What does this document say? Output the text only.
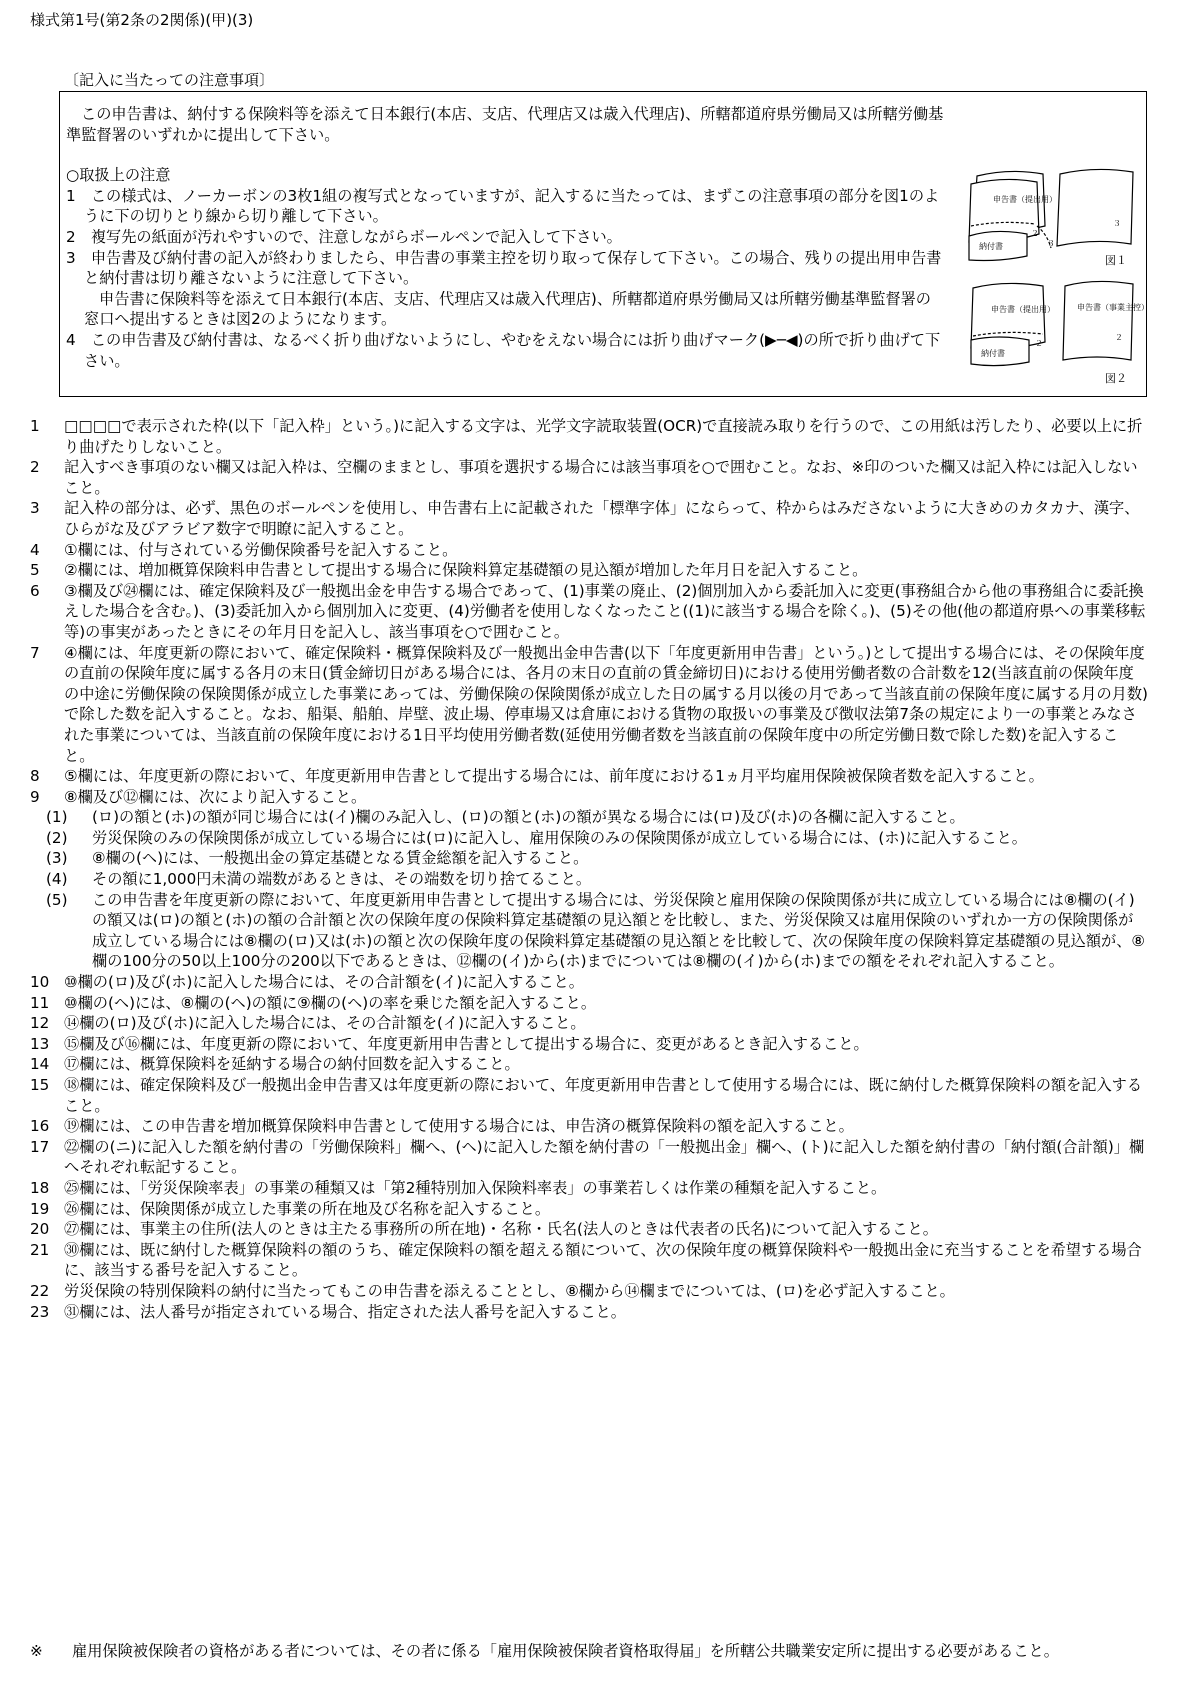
様式第1号(第2条の2関係)(甲)(3)
〔記入に当たっての注意事項〕

この申告書は、納付する保険料等を添えて日本銀行(本店、支店、代理店又は歳入代理店)、所轄都道府県労働局又は所轄労働基準監督署のいずれかに提出して下さい。

○取扱上の注意

1　 この様式は、ノーカーボンの3枚1組の複写式となっていますが、記入するに当たっては、まずこの注意事項の部分を図1のように下の切りとり線から切り離して下さい。

2　 複写先の紙面が汚れやすいので、注意しながらボールペンで記入して下さい。

3　 申告書及び納付書の記入が終わりましたら、申告書の事業主控を切り取って保存して下さい。この場合、残りの提出用申告書と納付書は切り離さないように注意して下さい。

申告書に保険料等を添えて日本銀行(本店、支店、代理店又は歳入代理店)、所轄都道府県労働局又は所轄労働基準監督署の窓口へ提出するときは図2のようになります。

4　 この申告書及び納付書は、なるべく折り曲げないようにし、やむをえない場合には折り曲げマーク(▶─◀)の所で折り曲げて下さい。

申告書（提出用）
納付書
２
３
３
図１
申告書（提出用）	申告書（事業主控）
納付書
２
２
図２
1	□□□□で表示された枠(以下「記入枠」という。)に記入する文字は、光学文字読取装置(OCR)で直接読み取りを行うので、この用紙は汚したり、必要以上に折り曲げたりしないこと。
2	記入すべき事項のない欄又は記入枠は、空欄のままとし、事項を選択する場合には該当事項を○で囲むこと。なお、※印のついた欄又は記入枠には記入しないこと。
3	記入枠の部分は、必ず、黒色のボールペンを使用し、申告書右上に記載された「標準字体」にならって、枠からはみださないように大きめのカタカナ、漢字、ひらがな及びアラビア数字で明瞭に記入すること。
4	①欄には、付与されている労働保険番号を記入すること。
5	②欄には、増加概算保険料申告書として提出する場合に保険料算定基礎額の見込額が増加した年月日を記入すること。
6	③欄及び㉔欄には、確定保険料及び一般拠出金を申告する場合であって、(1)事業の廃止、(2)個別加入から委託加入に変更(事務組合から他の事務組合に委託換えした場合を含む。)、(3)委託加入から個別加入に変更、(4)労働者を使用しなくなったこと((1)に該当する場合を除く。)、(5)その他(他の都道府県への事業移転等)の事実があったときにその年月日を記入し、該当事項を○で囲むこと。
7	④欄には、年度更新の際において、確定保険料・概算保険料及び一般拠出金申告書(以下「年度更新用申告書」という。)として提出する場合には、その保険年度の直前の保険年度に属する各月の末日(賃金締切日がある場合には、各月の末日の直前の賃金締切日)における使用労働者数の合計数を12(当該直前の保険年度の中途に労働保険の保険関係が成立した事業にあっては、労働保険の保険関係が成立した日の属する月以後の月であって当該直前の保険年度に属する月の月数)で除した数を記入すること。なお、船渠、船舶、岸壁、波止場、停車場又は倉庫における貨物の取扱いの事業及び徴収法第7条の規定により一の事業とみなされた事業については、当該直前の保険年度における1日平均使用労働者数(延使用労働者数を当該直前の保険年度中の所定労働日数で除した数)を記入すること。
8	⑤欄には、年度更新の際において、年度更新用申告書として提出する場合には、前年度における1ヵ月平均雇用保険被保険者数を記入すること。
9	⑧欄及び⑫欄には、次により記入すること。
(1)	(ロ)の額と(ホ)の額が同じ場合には(イ)欄のみ記入し、(ロ)の額と(ホ)の額が異なる場合には(ロ)及び(ホ)の各欄に記入すること。
(2)	労災保険のみの保険関係が成立している場合には(ロ)に記入し、雇用保険のみの保険関係が成立している場合には、(ホ)に記入すること。
(3)	⑧欄の(ヘ)には、一般拠出金の算定基礎となる賃金総額を記入すること。
(4)	その額に1,000円未満の端数があるときは、その端数を切り捨てること。
(5)	この申告書を年度更新の際において、年度更新用申告書として提出する場合には、労災保険と雇用保険の保険関係が共に成立している場合には⑧欄の(イ)の額又は(ロ)の額と(ホ)の額の合計額と次の保険年度の保険料算定基礎額の見込額とを比較し、また、労災保険又は雇用保険のいずれか一方の保険関係が成立している場合には⑧欄の(ロ)又は(ホ)の額と次の保険年度の保険料算定基礎額の見込額とを比較して、次の保険年度の保険料算定基礎額の見込額が、⑧欄の100分の50以上100分の200以下であるときは、⑫欄の(イ)から(ホ)までについては⑧欄の(イ)から(ホ)までの額をそれぞれ記入すること。
10 ⑩欄の(ロ)及び(ホ)に記入した場合には、その合計額を(イ)に記入すること。
11 ⑩欄の(ヘ)には、⑧欄の(ヘ)の額に⑨欄の(ヘ)の率を乗じた額を記入すること。
12 ⑭欄の(ロ)及び(ホ)に記入した場合には、その合計額を(イ)に記入すること。
13 ⑮欄及び⑯欄には、年度更新の際において、年度更新用申告書として提出する場合に、変更があるとき記入すること。
14 ⑰欄には、概算保険料を延納する場合の納付回数を記入すること。
15 ⑱欄には、確定保険料及び一般拠出金申告書又は年度更新の際において、年度更新用申告書として使用する場合には、既に納付した概算保険料の額を記入すること。
16 ⑲欄には、この申告書を増加概算保険料申告書として使用する場合には、申告済の概算保険料の額を記入すること。
17 ㉒欄の(ニ)に記入した額を納付書の「労働保険料」欄へ、(ヘ)に記入した額を納付書の「一般拠出金」欄へ、(ト)に記入した額を納付書の「納付額(合計額)」欄へそれぞれ転記すること。
18 ㉕欄には、「労災保険率表」の事業の種類又は「第2種特別加入保険料率表」の事業若しくは作業の種類を記入すること。
19 ㉖欄には、保険関係が成立した事業の所在地及び名称を記入すること。
20 ㉗欄には、事業主の住所(法人のときは主たる事務所の所在地)・名称・氏名(法人のときは代表者の氏名)について記入すること。
21 ㉚欄には、既に納付した概算保険料の額のうち、確定保険料の額を超える額について、次の保険年度の概算保険料や一般拠出金に充当することを希望する場合に、該当する番号を記入すること。
22 労災保険の特別保険料の納付に当たってもこの申告書を添えることとし、⑧欄から⑭欄までについては、(ロ)を必ず記入すること。
23 ㉛欄には、法人番号が指定されている場合、指定された法人番号を記入すること。
※	雇用保険被保険者の資格がある者については、その者に係る「雇用保険被保険者資格取得届」を所轄公共職業安定所に提出する必要があること。
